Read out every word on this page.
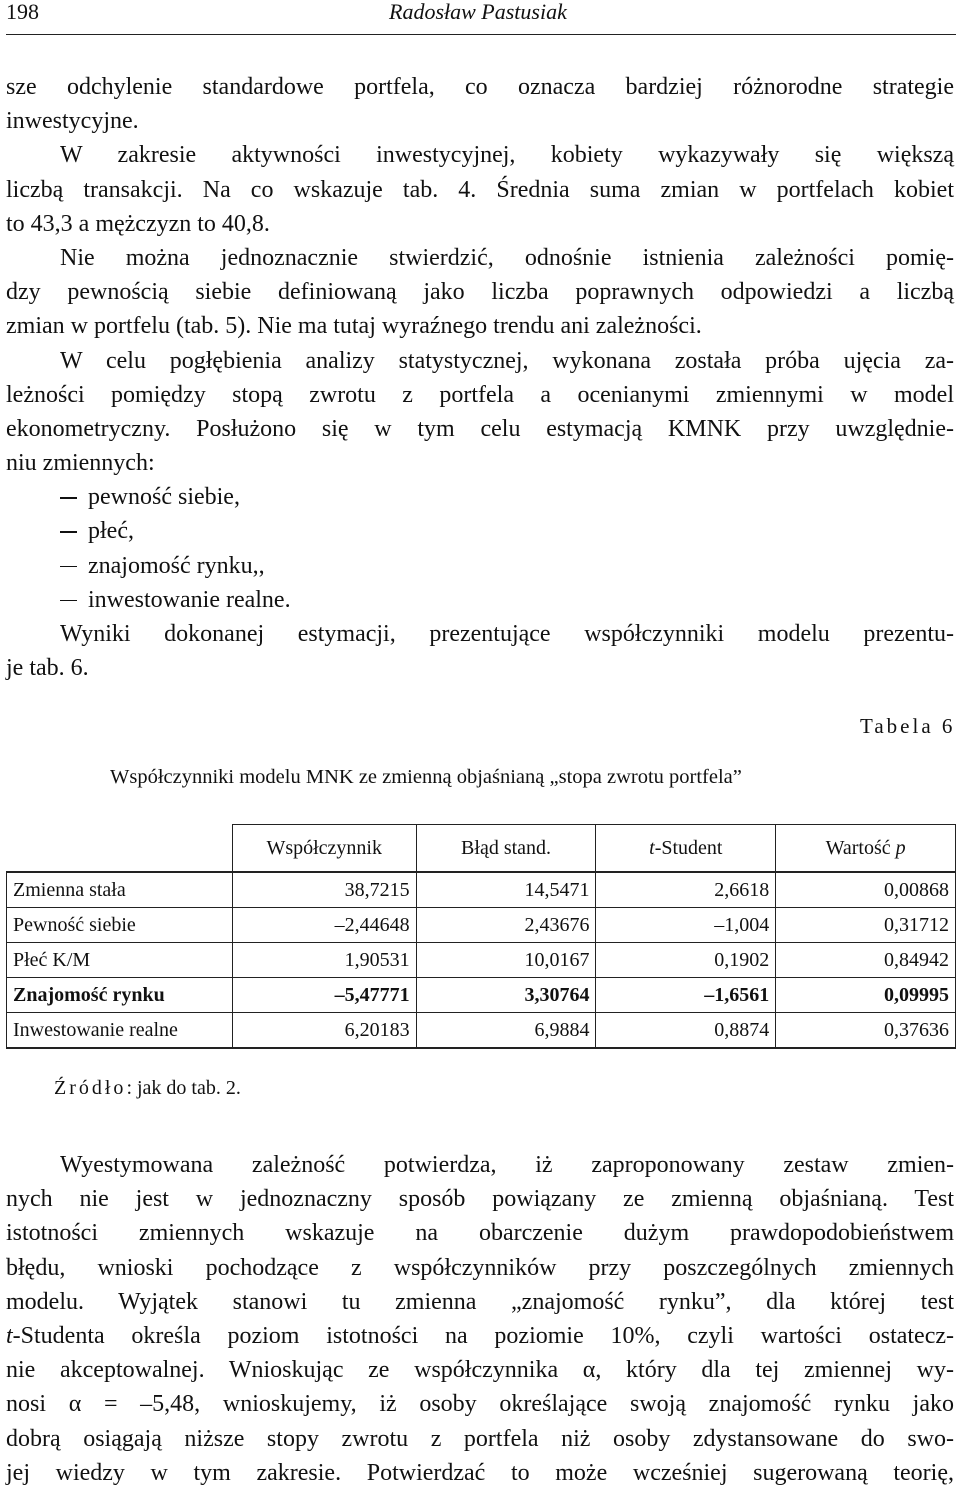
198	Radosław Pastusiak
sze odchylenie standardowe portfela, co oznacza bardziej różnorodne strategie
inwestycyjne.
W zakresie aktywności inwestycyjnej, kobiety wykazywały się większą
liczbą transakcji. Na co wskazuje tab. 4. Średnia suma zmian w portfelach kobiet
to 43,3 a mężczyzn to 40,8.
Nie można jednoznacznie stwierdzić, odnośnie istnienia zależności pomię-
dzy pewnością siebie definiowaną jako liczba poprawnych odpowiedzi a liczbą
zmian w portfelu (tab. 5). Nie ma tutaj wyraźnego trendu ani zależności.
W celu pogłębienia analizy statystycznej, wykonana została próba ujęcia za-
leżności pomiędzy stopą zwrotu z portfela a ocenianymi zmiennymi w model
ekonometryczny. Posłużono się w tym celu estymacją KMNK przy uwzględnie-
niu zmiennych:
pewność siebie,
płeć,
znajomość rynku,,
inwestowanie realne.
Wyniki dokonanej estymacji, prezentujące współczynniki modelu prezentu-
je tab. 6.
Tabela 6
Współczynniki modelu MNK ze zmienną objaśnianą „stopa zwrotu portfela”
	Współczynnik	Błąd stand.	t-Student	Wartość p
Zmienna stała	38,7215	14,5471	2,6618	0,00868
Pewność siebie	–2,44648	2,43676	–1,004	0,31712
Płeć K/M	1,90531	10,0167	0,1902	0,84942
Znajomość rynku	–5,47771	3,30764	–1,6561	0,09995
Inwestowanie realne	6,20183	6,9884	0,8874	0,37636
Źródło: jak do tab. 2.
Wyestymowana zależność potwierdza, iż zaproponowany zestaw zmien-
nych nie jest w jednoznaczny sposób powiązany ze zmienną objaśnianą. Test
istotności zmiennych wskazuje na obarczenie dużym prawdopodobieństwem
błędu, wnioski pochodzące z współczynników przy poszczególnych zmiennych
modelu. Wyjątek stanowi tu zmienna „znajomość rynku”, dla której test
t-Studenta określa poziom istotności na poziomie 10%, czyli wartości ostatecz-
nie akceptowalnej. Wnioskując ze współczynnika α, który dla tej zmiennej wy-
nosi α = –5,48, wnioskujemy, iż osoby określające swoją znajomość rynku jako
dobrą osiągają niższe stopy zwrotu z portfela niż osoby zdystansowane do swo-
jej wiedzy w tym zakresie. Potwierdzać to może wcześniej sugerowaną teorię,
